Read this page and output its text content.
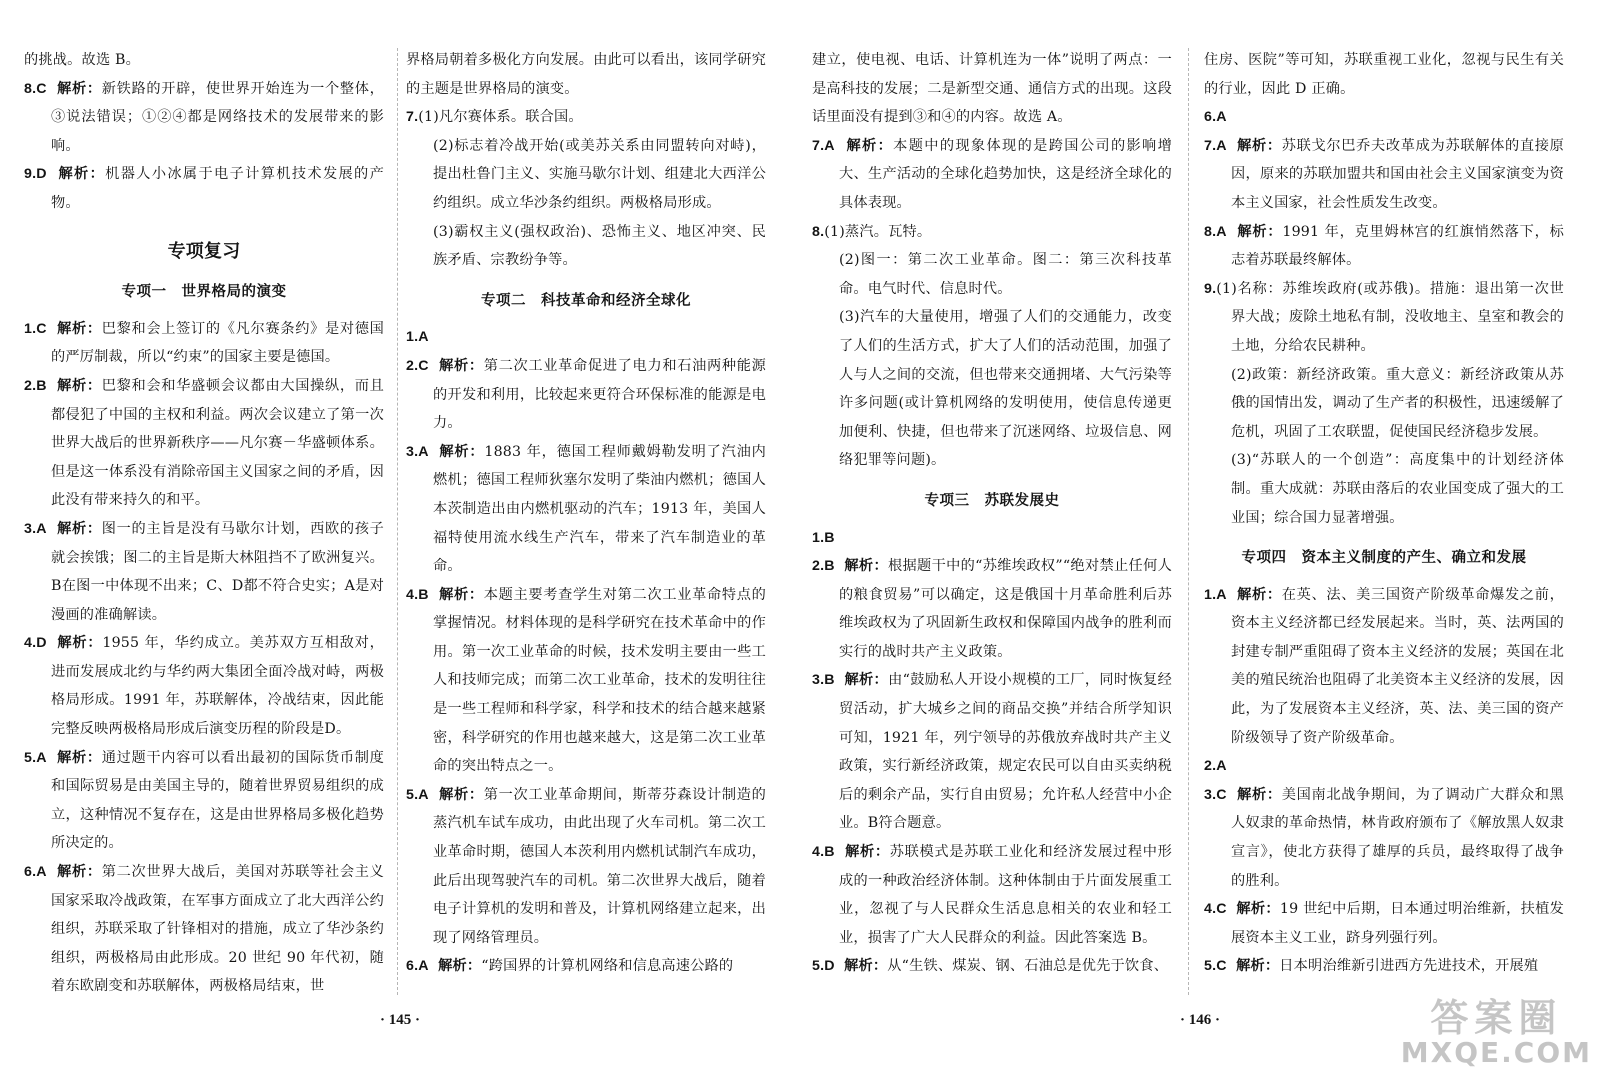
的挑战。故选 B。

8.C 解析：新铁路的开辟，使世界开始连为一个整体，③说法错误；①②④都是网络技术的发展带来的影响。

9.D 解析：机器人小冰属于电子计算机技术发展的产物。

专项复习
专项一　世界格局的演变

1.C 解析：巴黎和会上签订的《凡尔赛条约》是对德国的严厉制裁，所以“约束”的国家主要是德国。

2.B 解析：巴黎和会和华盛顿会议都由大国操纵，而且都侵犯了中国的主权和利益。两次会议建立了第一次世界大战后的世界新秩序——凡尔赛－华盛顿体系。但是这一体系没有消除帝国主义国家之间的矛盾，因此没有带来持久的和平。

3.A 解析：图一的主旨是没有马歇尔计划，西欧的孩子就会挨饿；图二的主旨是斯大林阻挡不了欧洲复兴。B在图一中体现不出来；C、D都不符合史实；A是对漫画的准确解读。

4.D 解析：1955 年，华约成立。美苏双方互相敌对，进而发展成北约与华约两大集团全面冷战对峙，两极格局形成。1991 年，苏联解体，冷战结束，因此能完整反映两极格局形成后演变历程的阶段是D。

5.A 解析：通过题干内容可以看出最初的国际货币制度和国际贸易是由美国主导的，随着世界贸易组织的成立，这种情况不复存在，这是由世界格局多极化趋势所决定的。

6.A 解析：第二次世界大战后，美国对苏联等社会主义国家采取冷战政策，在军事方面成立了北大西洋公约组织，苏联采取了针锋相对的措施，成立了华沙条约组织，两极格局由此形成。20 世纪 90 年代初，随着东欧剧变和苏联解体，两极格局结束，世

界格局朝着多极化方向发展。由此可以看出，该同学研究的主题是世界格局的演变。

7.(1)凡尔赛体系。联合国。

(2)标志着冷战开始(或美苏关系由同盟转向对峙)，提出杜鲁门主义、实施马歇尔计划、组建北大西洋公约组织。成立华沙条约组织。两极格局形成。

(3)霸权主义(强权政治)、恐怖主义、地区冲突、民族矛盾、宗教纷争等。

专项二　科技革命和经济全球化

1.A

2.C 解析：第二次工业革命促进了电力和石油两种能源的开发和利用，比较起来更符合环保标准的能源是电力。

3.A 解析：1883 年，德国工程师戴姆勒发明了汽油内燃机；德国工程师狄塞尔发明了柴油内燃机；德国人本茨制造出由内燃机驱动的汽车；1913 年，美国人福特使用流水线生产汽车，带来了汽车制造业的革命。

4.B 解析：本题主要考查学生对第二次工业革命特点的掌握情况。材料体现的是科学研究在技术革命中的作用。第一次工业革命的时候，技术发明主要由一些工人和技师完成；而第二次工业革命，技术的发明往往是一些工程师和科学家，科学和技术的结合越来越紧密，科学研究的作用也越来越大，这是第二次工业革命的突出特点之一。

5.A 解析：第一次工业革命期间，斯蒂芬森设计制造的蒸汽机车试车成功，由此出现了火车司机。第二次工业革命时期，德国人本茨利用内燃机试制汽车成功，此后出现驾驶汽车的司机。第二次世界大战后，随着电子计算机的发明和普及，计算机网络建立起来，出现了网络管理员。

6.A 解析：“跨国界的计算机网络和信息高速公路的

· 145 ·

建立，使电视、电话、计算机连为一体”说明了两点：一是高科技的发展；二是新型交通、通信方式的出现。这段话里面没有提到③和④的内容。故选 A。

7.A 解析：本题中的现象体现的是跨国公司的影响增大、生产活动的全球化趋势加快，这是经济全球化的具体表现。

8.(1)蒸汽。瓦特。

(2)图一：第二次工业革命。图二：第三次科技革命。电气时代、信息时代。

(3)汽车的大量使用，增强了人们的交通能力，改变了人们的生活方式，扩大了人们的活动范围，加强了人与人之间的交流，但也带来交通拥堵、大气污染等许多问题(或计算机网络的发明使用，使信息传递更加便利、快捷，但也带来了沉迷网络、垃圾信息、网络犯罪等问题)。

专项三　苏联发展史

1.B

2.B 解析：根据题干中的“苏维埃政权”“绝对禁止任何人的粮食贸易”可以确定，这是俄国十月革命胜利后苏维埃政权为了巩固新生政权和保障国内战争的胜利而实行的战时共产主义政策。

3.B 解析：由“鼓励私人开设小规模的工厂，同时恢复经贸活动，扩大城乡之间的商品交换”并结合所学知识可知，1921 年，列宁领导的苏俄放弃战时共产主义政策，实行新经济政策，规定农民可以自由买卖纳税后的剩余产品，实行自由贸易；允许私人经营中小企业。B符合题意。

4.B 解析：苏联模式是苏联工业化和经济发展过程中形成的一种政治经济体制。这种体制由于片面发展重工业，忽视了与人民群众生活息息相关的农业和轻工业，损害了广大人民群众的利益。因此答案选 B。

5.D 解析：从“生铁、煤炭、钢、石油总是优先于饮食、

住房、医院”等可知，苏联重视工业化，忽视与民生有关的行业，因此 D 正确。

6.A

7.A 解析：苏联戈尔巴乔夫改革成为苏联解体的直接原因，原来的苏联加盟共和国由社会主义国家演变为资本主义国家，社会性质发生改变。

8.A 解析：1991 年，克里姆林宫的红旗悄然落下，标志着苏联最终解体。

9.(1)名称：苏维埃政府(或苏俄)。措施：退出第一次世界大战；废除土地私有制，没收地主、皇室和教会的土地，分给农民耕种。

(2)政策：新经济政策。重大意义：新经济政策从苏俄的国情出发，调动了生产者的积极性，迅速缓解了危机，巩固了工农联盟，促使国民经济稳步发展。

(3)“苏联人的一个创造”：高度集中的计划经济体制。重大成就：苏联由落后的农业国变成了强大的工业国；综合国力显著增强。

专项四　资本主义制度的产生、确立和发展

1.A 解析：在英、法、美三国资产阶级革命爆发之前，资本主义经济都已经发展起来。当时，英、法两国的封建专制严重阻碍了资本主义经济的发展；英国在北美的殖民统治也阻碍了北美资本主义经济的发展，因此，为了发展资本主义经济，英、法、美三国的资产阶级领导了资产阶级革命。

2.A

3.C 解析：美国南北战争期间，为了调动广大群众和黑人奴隶的革命热情，林肯政府颁布了《解放黑人奴隶宣言》，使北方获得了雄厚的兵员，最终取得了战争的胜利。

4.C 解析：19 世纪中后期，日本通过明治维新，扶植发展资本主义工业，跻身列强行列。

5.C 解析：日本明治维新引进西方先进技术，开展殖

· 146 ·	答案圈
MXQE.COM
